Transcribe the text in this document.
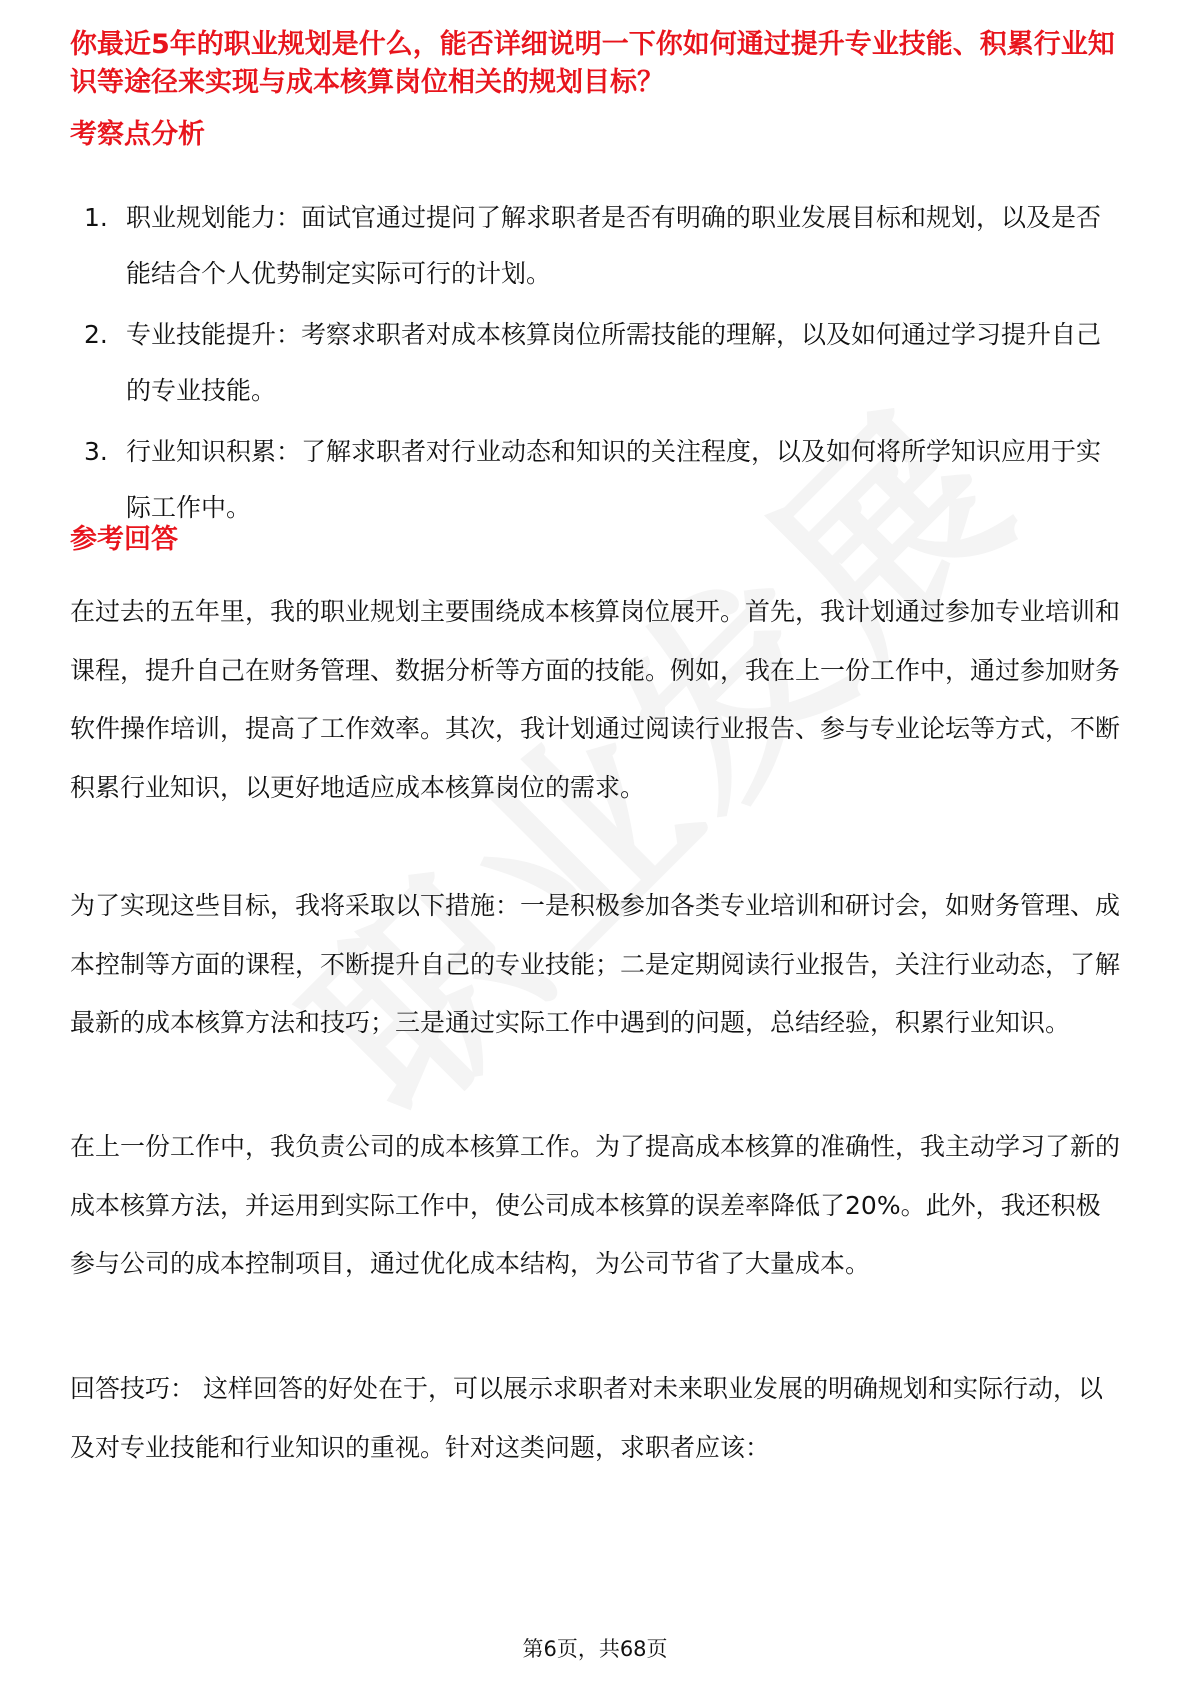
你最近5年的职业规划是什么，能否详细说明一下你如何通过提升专业技能、积累行业知识等途径来实现与成本核算岗位相关的规划目标？

考察点分析
1. 职业规划能力：面试官通过提问了解求职者是否有明确的职业发展目标和规划，以及是否能结合个人优势制定实际可行的计划。
2. 专业技能提升：考察求职者对成本核算岗位所需技能的理解，以及如何通过学习提升自己的专业技能。
3. 行业知识积累：了解求职者对行业动态和知识的关注程度，以及如何将所学知识应用于实际工作中。
参考回答

在过去的五年里，我的职业规划主要围绕成本核算岗位展开。首先，我计划通过参加专业培训和课程，提升自己在财务管理、数据分析等方面的技能。例如，我在上一份工作中，通过参加财务软件操作培训，提高了工作效率。其次，我计划通过阅读行业报告、参与专业论坛等方式，不断积累行业知识，以更好地适应成本核算岗位的需求。

为了实现这些目标，我将采取以下措施：一是积极参加各类专业培训和研讨会，如财务管理、成本控制等方面的课程，不断提升自己的专业技能；二是定期阅读行业报告，关注行业动态，了解最新的成本核算方法和技巧；三是通过实际工作中遇到的问题，总结经验，积累行业知识。

在上一份工作中，我负责公司的成本核算工作。为了提高成本核算的准确性，我主动学习了新的成本核算方法，并运用到实际工作中，使公司成本核算的误差率降低了20%。此外，我还积极参与公司的成本控制项目，通过优化成本结构，为公司节省了大量成本。

回答技巧： 这样回答的好处在于，可以展示求职者对未来职业发展的明确规划和实际行动，以及对专业技能和行业知识的重视。针对这类问题，求职者应该：

第6页，共68页
